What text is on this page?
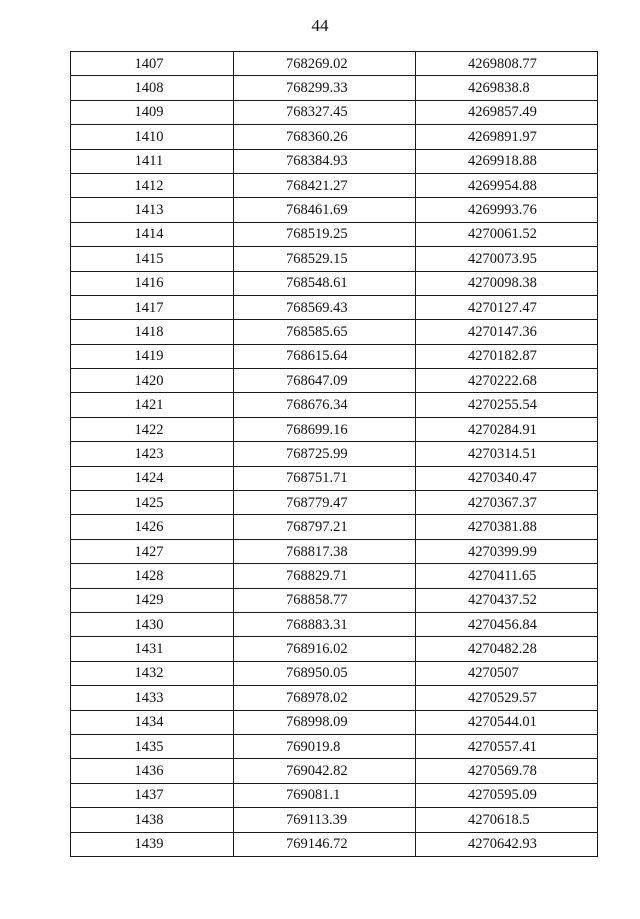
44
1407	768269.02	4269808.77
1408	768299.33	4269838.8
1409	768327.45	4269857.49
1410	768360.26	4269891.97
1411	768384.93	4269918.88
1412	768421.27	4269954.88
1413	768461.69	4269993.76
1414	768519.25	4270061.52
1415	768529.15	4270073.95
1416	768548.61	4270098.38
1417	768569.43	4270127.47
1418	768585.65	4270147.36
1419	768615.64	4270182.87
1420	768647.09	4270222.68
1421	768676.34	4270255.54
1422	768699.16	4270284.91
1423	768725.99	4270314.51
1424	768751.71	4270340.47
1425	768779.47	4270367.37
1426	768797.21	4270381.88
1427	768817.38	4270399.99
1428	768829.71	4270411.65
1429	768858.77	4270437.52
1430	768883.31	4270456.84
1431	768916.02	4270482.28
1432	768950.05	4270507
1433	768978.02	4270529.57
1434	768998.09	4270544.01
1435	769019.8	4270557.41
1436	769042.82	4270569.78
1437	769081.1	4270595.09
1438	769113.39	4270618.5
1439	769146.72	4270642.93
